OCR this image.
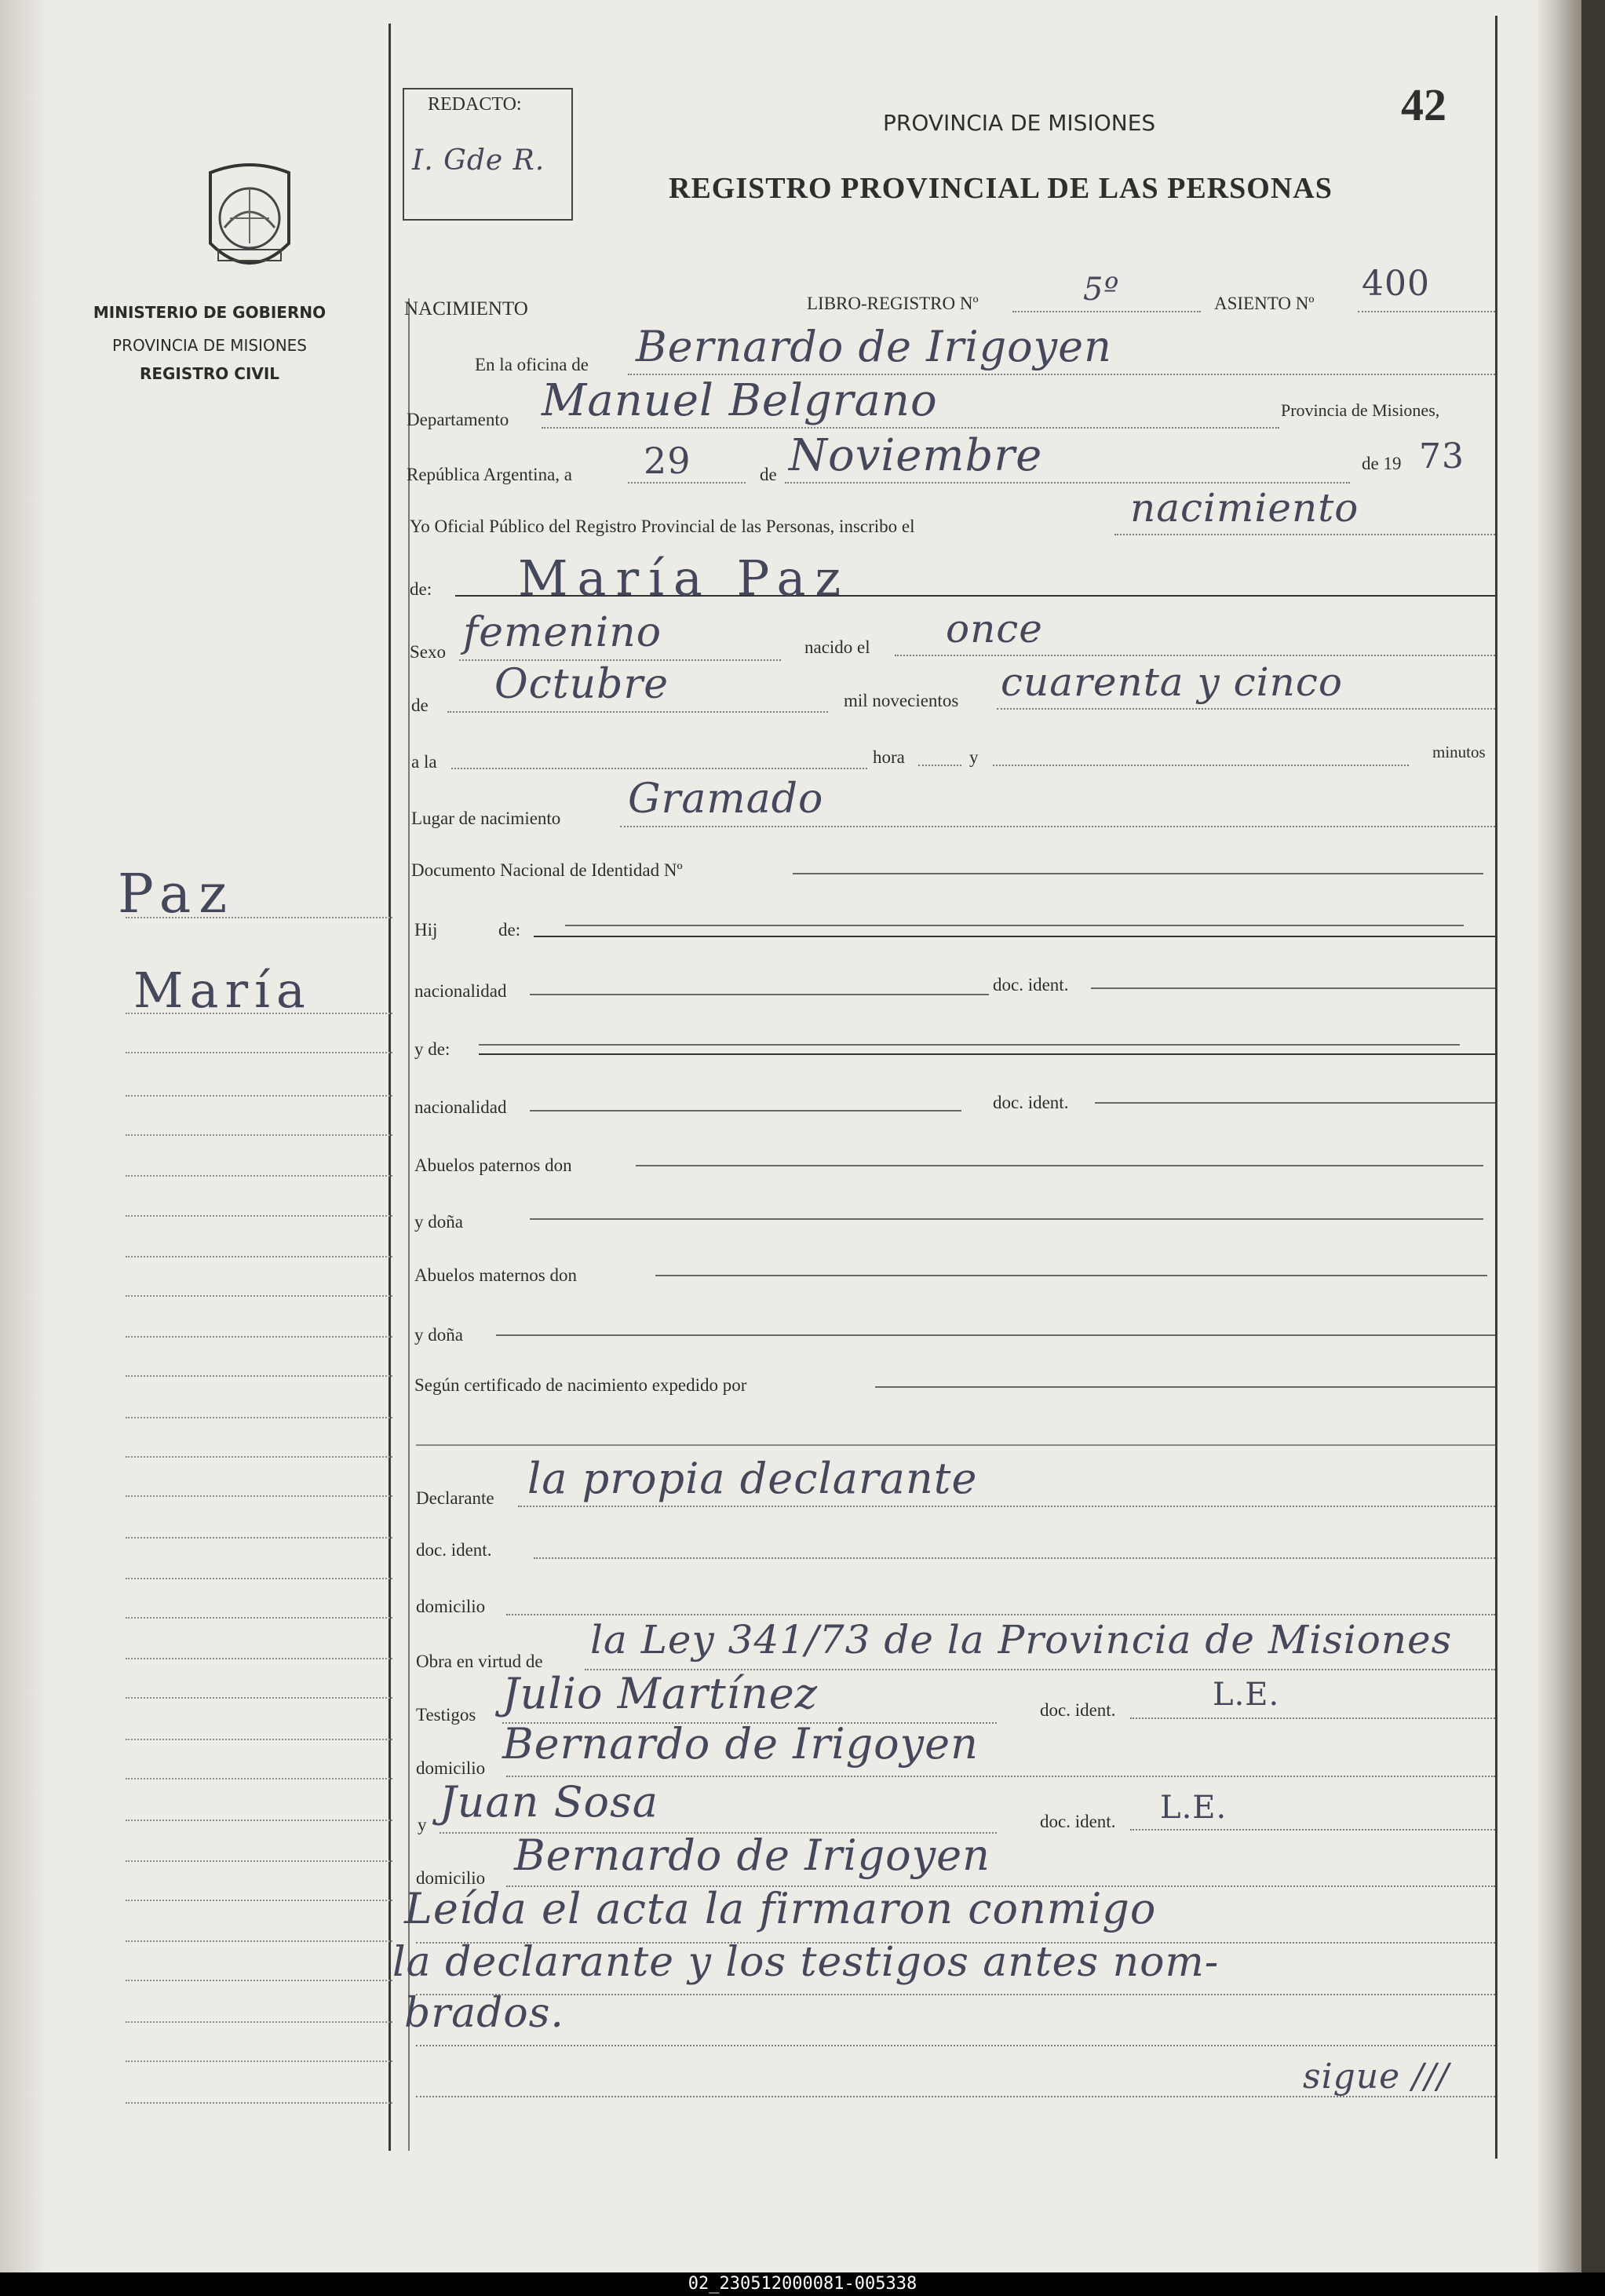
REDACTO:
I. Gde R.
42
PROVINCIA DE MISIONES
REGISTRO PROVINCIAL DE LAS PERSONAS
MINISTERIO DE GOBIERNO
PROVINCIA DE MISIONES
REGISTRO CIVIL
Paz
María
NACIMIENTO	LIBRO-REGISTRO Nº	5º	ASIENTO Nº 400
En la oficina de Bernardo de Irigoyen
Departamento Manuel Belgrano	Provincia de Misiones,
República Argentina, a 29	de Noviembre	de 19 73
Yo Oficial Público del Registro Provincial de las Personas, inscribo el	nacimiento
de: María Paz
Sexo femenino	nacido el once
de Octubre	mil novecientos cuarenta y cinco
a la	hora	y	minutos
Lugar de nacimiento Gramado
Documento Nacional de Identidad Nº
Hij	de:
nacionalidad	doc. ident.
y de:
nacionalidad	doc. ident.
Abuelos paternos don
y doña
Abuelos maternos don
y doña
Según certificado de nacimiento expedido por
Declarante la propia declarante
doc. ident.
domicilio
Obra en virtud de la Ley 341/73 de la Provincia de Misiones
Testigos Julio Martínez	doc. ident.	L.E.
domicilio Bernardo de Irigoyen
y Juan Sosa	doc. ident. L.E.
domicilio Bernardo de Irigoyen
Leída el acta la firmaron conmigo
la declarante y los testigos antes nom-
brados.
sigue ///
02_230512000081-005338
